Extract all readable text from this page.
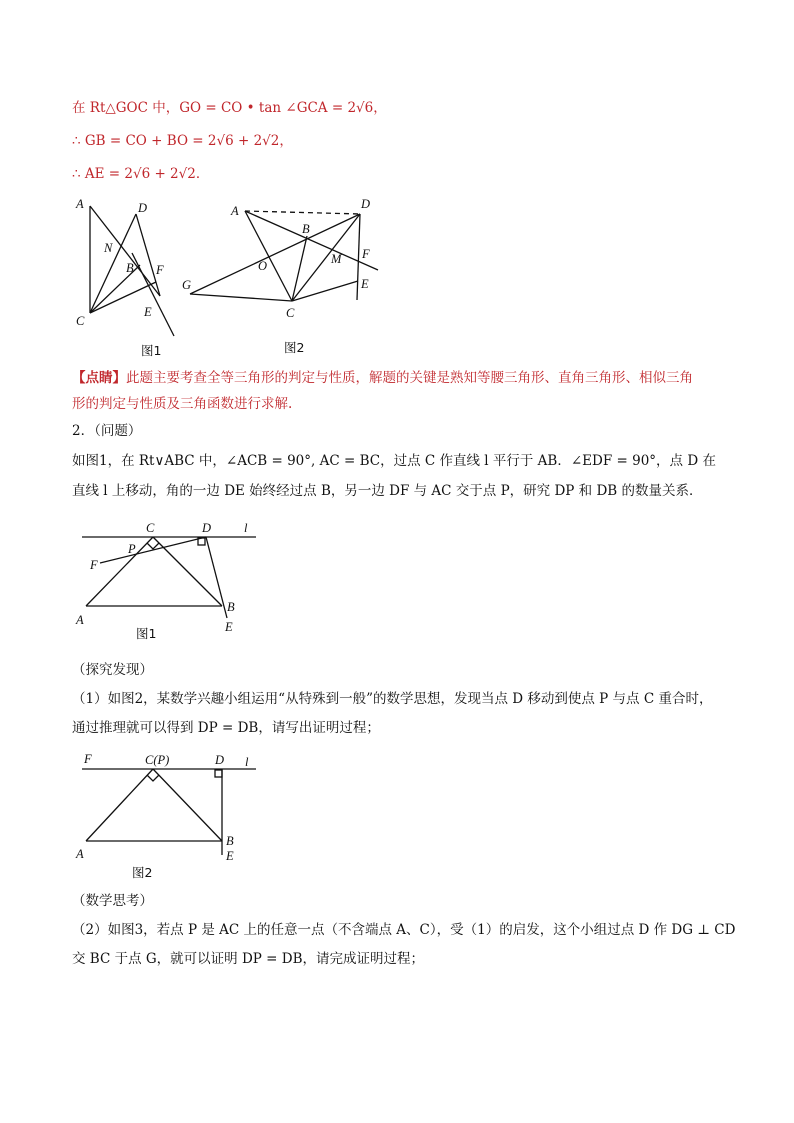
在 Rt△GOC 中，GO = CO • tan ∠GCA = 2√6，
∴ GB = CO + BO = 2√6 + 2√2，
∴ AE = 2√6 + 2√2．
A	D
N
B F
C
E
A	D
B
F
O	M
G	E
C
图1	图2
【点睛】此题主要考查全等三角形的判定与性质，解题的关键是熟知等腰三角形、直角三角形、相似三角
形的判定与性质及三角函数进行求解.
2．（问题）
如图1，在 Rt∨ABC 中，∠ACB = 90°, AC = BC，过点 C 作直线 l 平行于 AB．∠EDF = 90°，点 D 在
直线 l 上移动，角的一边 DE 始终经过点 B，另一边 DF 与 AC 交于点 P，研究 DP 和 DB 的数量关系．
C	D	l
P
F
B
A	E
图1
F	C(P)	D l
B
A	E
图2
（探究发现）
（1）如图2，某数学兴趣小组运用“从特殊到一般”的数学思想，发现当点 D 移动到使点 P 与点 C 重合时，
通过推理就可以得到 DP = DB，请写出证明过程；
（数学思考）
（2）如图3，若点 P 是 AC 上的任意一点（不含端点 A、C），受（1）的启发，这个小组过点 D 作 DG ⊥ CD
交 BC 于点 G，就可以证明 DP = DB，请完成证明过程；
